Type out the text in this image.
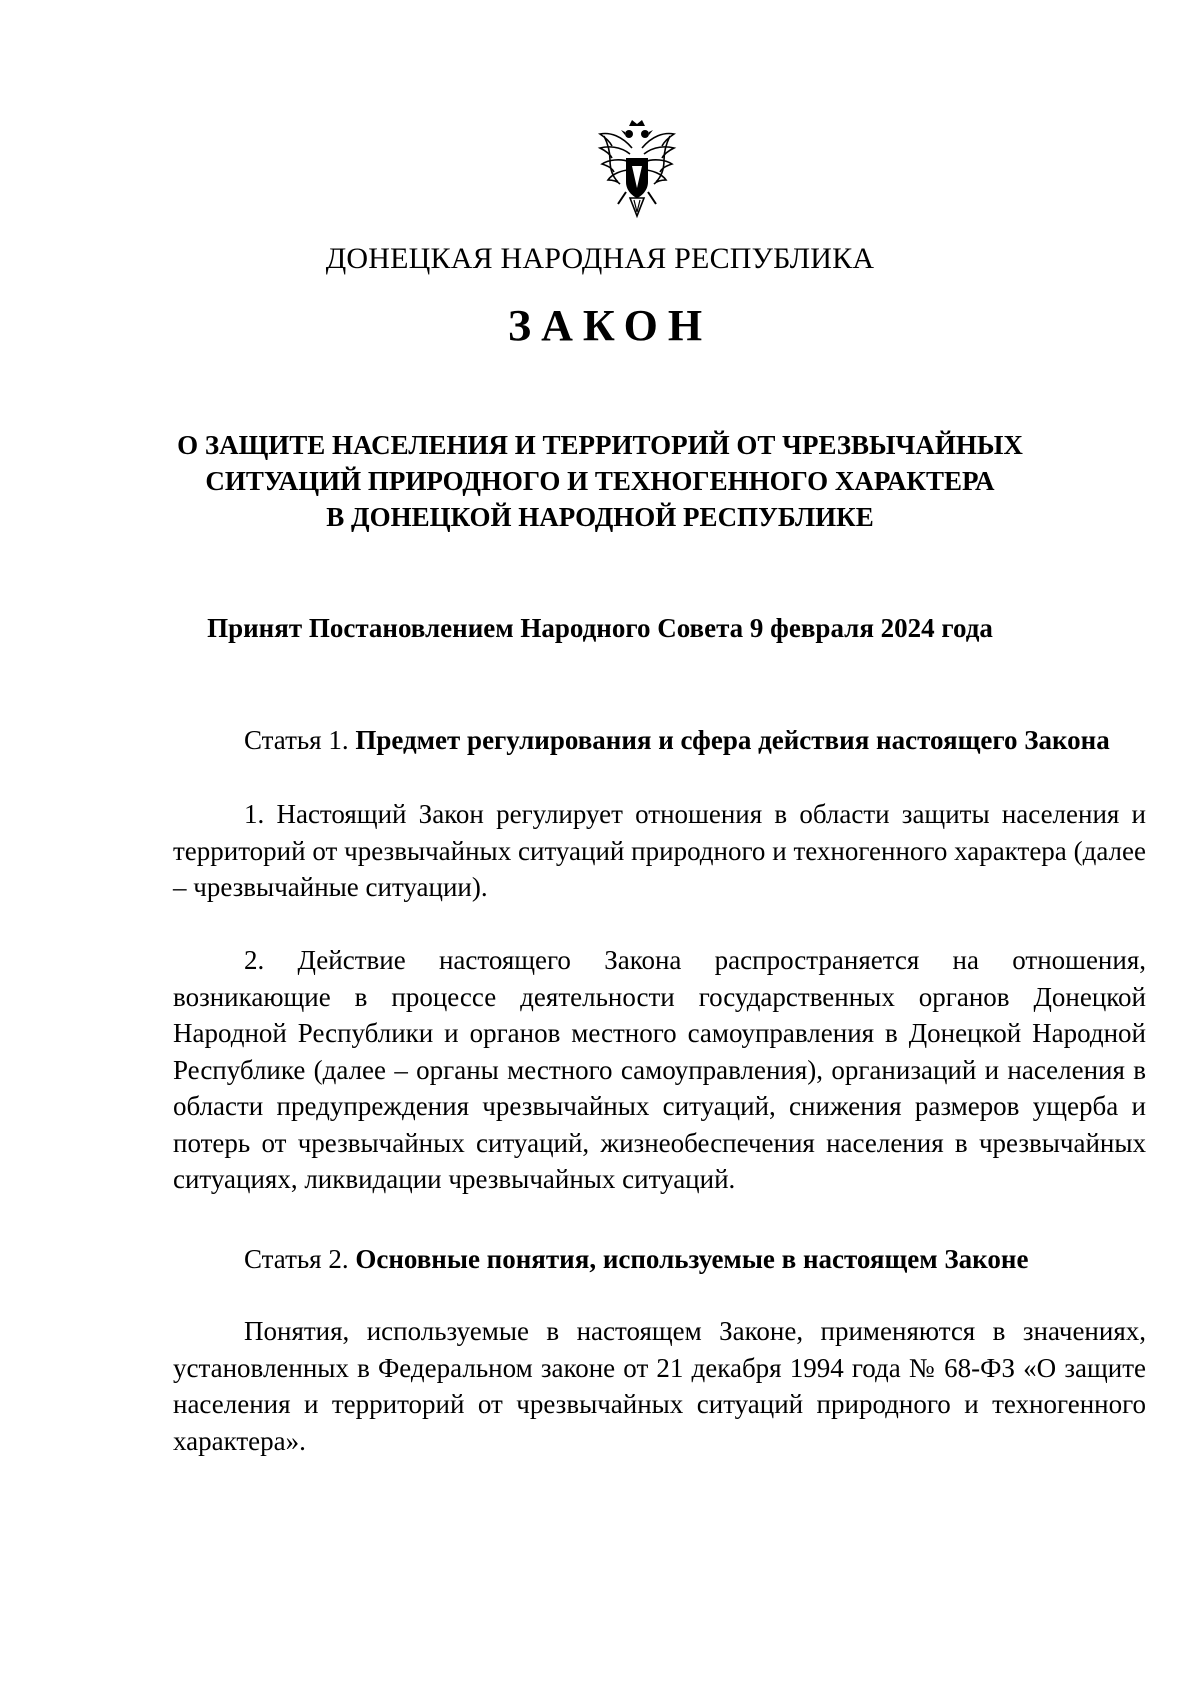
ДОНЕЦКАЯ НАРОДНАЯ РЕСПУБЛИКА
ЗАКОН
О ЗАЩИТЕ НАСЕЛЕНИЯ И ТЕРРИТОРИЙ ОТ ЧРЕЗВЫЧАЙНЫХ
СИТУАЦИЙ ПРИРОДНОГО И ТЕХНОГЕННОГО ХАРАКТЕРА
В ДОНЕЦКОЙ НАРОДНОЙ РЕСПУБЛИКЕ
Принят Постановлением Народного Совета 9 февраля 2024 года
Статья 1. Предмет регулирования и сфера действия настоящего Закона
1. Настоящий Закон регулирует отношения в области защиты населения и территорий от чрезвычайных ситуаций природного и техногенного характера (далее – чрезвычайные ситуации).
2. Действие настоящего Закона распространяется на отношения, возникающие в процессе деятельности государственных органов Донецкой Народной Республики и органов местного самоуправления в Донецкой Народной Республике (далее – органы местного самоуправления), организаций и населения в области предупреждения чрезвычайных ситуаций, снижения размеров ущерба и потерь от чрезвычайных ситуаций, жизнеобеспечения населения в чрезвычайных ситуациях, ликвидации чрезвычайных ситуаций.
Статья 2. Основные понятия, используемые в настоящем Законе
Понятия, используемые в настоящем Законе, применяются в значениях, установленных в Федеральном законе от 21 декабря 1994 года № 68-ФЗ «О защите населения и территорий от чрезвычайных ситуаций природного и техногенного характера».
